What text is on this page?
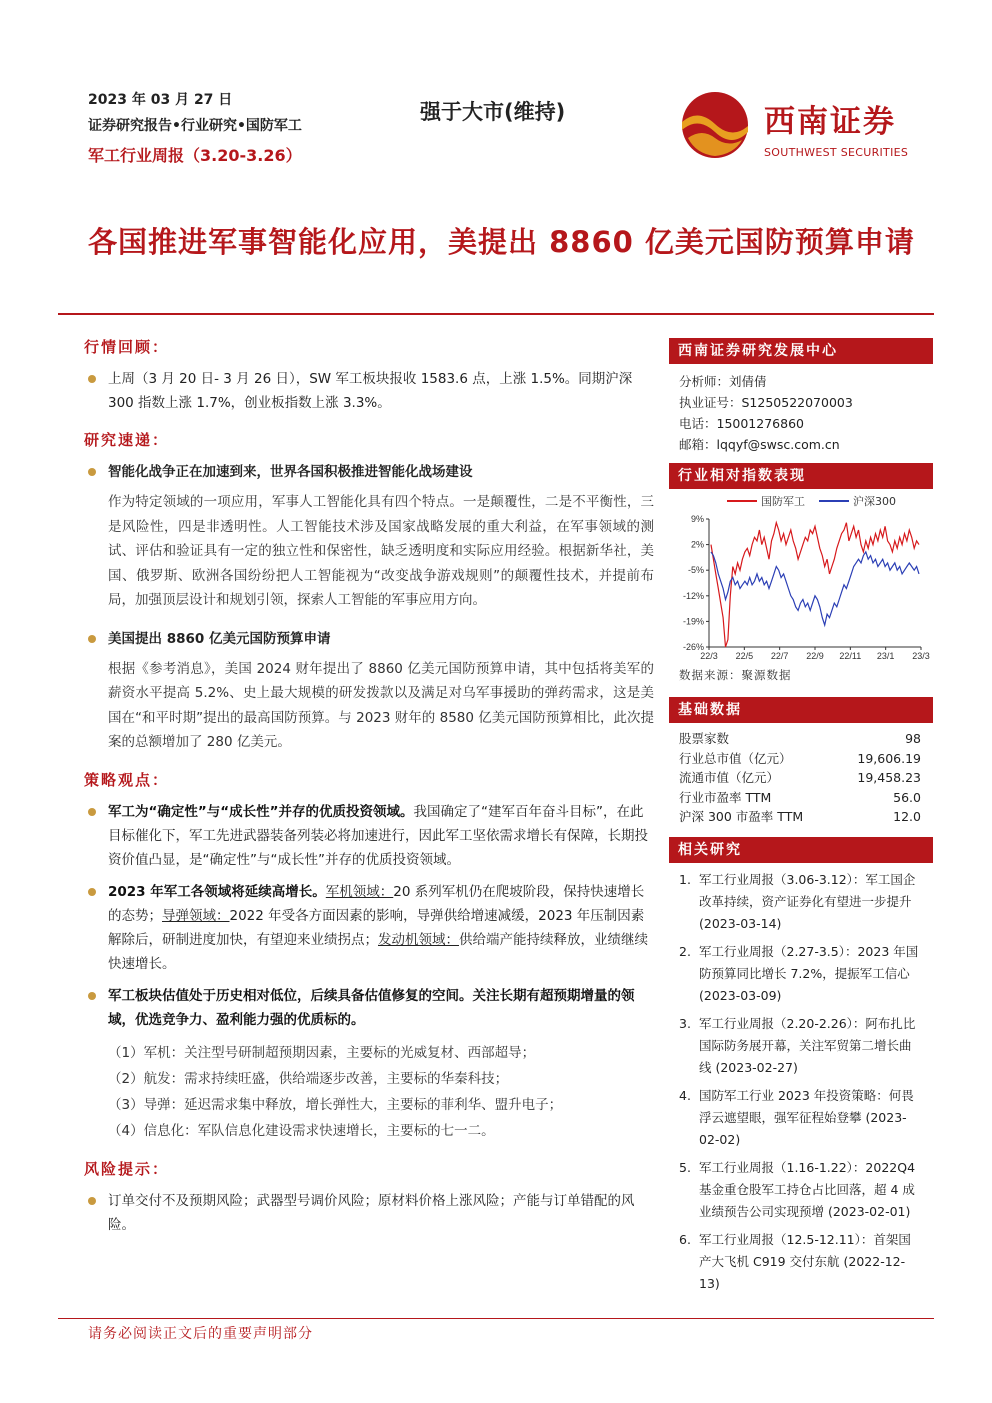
2023 年 03 月 27 日
证券研究报告•行业研究•国防军工
军工行业周报（3.20-3.26）
强于大市(维持)	西南证券
SOUTHWEST SECURITIES
各国推进军事智能化应用，美提出 8860 亿美元国防预算申请
行情回顾：
上周（3 月 20 日- 3 月 26 日），SW 军工板块报收 1583.6 点，上涨 1.5%。同期沪深 300 指数上涨 1.7%，创业板指数上涨 3.3%。
研究速递：
智能化战争正在加速到来，世界各国积极推进智能化战场建设
作为特定领域的一项应用，军事人工智能化具有四个特点。一是颠覆性，二是不平衡性，三是风险性，四是非透明性。人工智能技术涉及国家战略发展的重大利益，在军事领域的测试、评估和验证具有一定的独立性和保密性，缺乏透明度和实际应用经验。根据新华社，美国、俄罗斯、欧洲各国纷纷把人工智能视为“改变战争游戏规则”的颠覆性技术，并提前布局，加强顶层设计和规划引领，探索人工智能的军事应用方向。
美国提出 8860 亿美元国防预算申请
根据《参考消息》，美国 2024 财年提出了 8860 亿美元国防预算申请，其中包括将美军的薪资水平提高 5.2%、史上最大规模的研发拨款以及满足对乌军事援助的弹药需求，这是美国在“和平时期”提出的最高国防预算。与 2023 财年的 8580 亿美元国防预算相比，此次提案的总额增加了 280 亿美元。
策略观点：
军工为“确定性”与“成长性”并存的优质投资领域。我国确定了“建军百年奋斗目标”，在此目标催化下，军工先进武器装备列装必将加速进行，因此军工坚依需求增长有保障，长期投资价值凸显，是“确定性”与“成长性”并存的优质投资领域。
2023 年军工各领域将延续高增长。军机领域：20 系列军机仍在爬坡阶段，保持快速增长的态势；导弹领域：2022 年受各方面因素的影响，导弹供给增速减缓，2023 年压制因素解除后，研制进度加快，有望迎来业绩拐点；发动机领域：供给端产能持续释放，业绩继续快速增长。
军工板块估值处于历史相对低位，后续具备估值修复的空间。关注长期有超预期增量的领域，优选竞争力、盈利能力强的优质标的。
（1）军机：关注型号研制超预期因素，主要标的光威复材、西部超导；
（2）航发：需求持续旺盛，供给端逐步改善，主要标的华秦科技；
（3）导弹：延迟需求集中释放，增长弹性大，主要标的菲利华、盟升电子；
（4）信息化：军队信息化建设需求快速增长，主要标的七一二。
风险提示：
订单交付不及预期风险；武器型号调价风险；原材料价格上涨风险；产能与订单错配的风险。
西南证券研究发展中心
分析师：刘倩倩
执业证号：S1250522070003
电话：15001276860
邮箱：lqqyf@swsc.com.cn
行业相对指数表现
国防军工	沪深300
9%
2%
-5%
-12%
-19%
-26%
22/3 22/5 22/7 22/9 22/11 23/1 23/3
数据来源：聚源数据
基础数据
股票家数	98
行业总市值（亿元）	19,606.19
流通市值（亿元）	19,458.23
行业市盈率 TTM	56.0
沪深 300 市盈率 TTM	12.0
相关研究
1. 军工行业周报（3.06-3.12）：军工国企改革持续，资产证券化有望进一步提升 (2023-03-14)
2. 军工行业周报（2.27-3.5）：2023 年国防预算同比增长 7.2%，提振军工信心 (2023-03-09)
3. 军工行业周报（2.20-2.26）：阿布扎比国际防务展开幕，关注军贸第二增长曲线 (2023-02-27)
4. 国防军工行业 2023 年投资策略：何畏浮云遮望眼，强军征程始登攀 (2023-02-02)
5. 军工行业周报（1.16-1.22）：2022Q4 基金重仓股军工持仓占比回落，超 4 成业绩预告公司实现预增 (2023-02-01)
6. 军工行业周报（12.5-12.11）：首架国产大飞机 C919 交付东航 (2022-12-13)
请务必阅读正文后的重要声明部分
